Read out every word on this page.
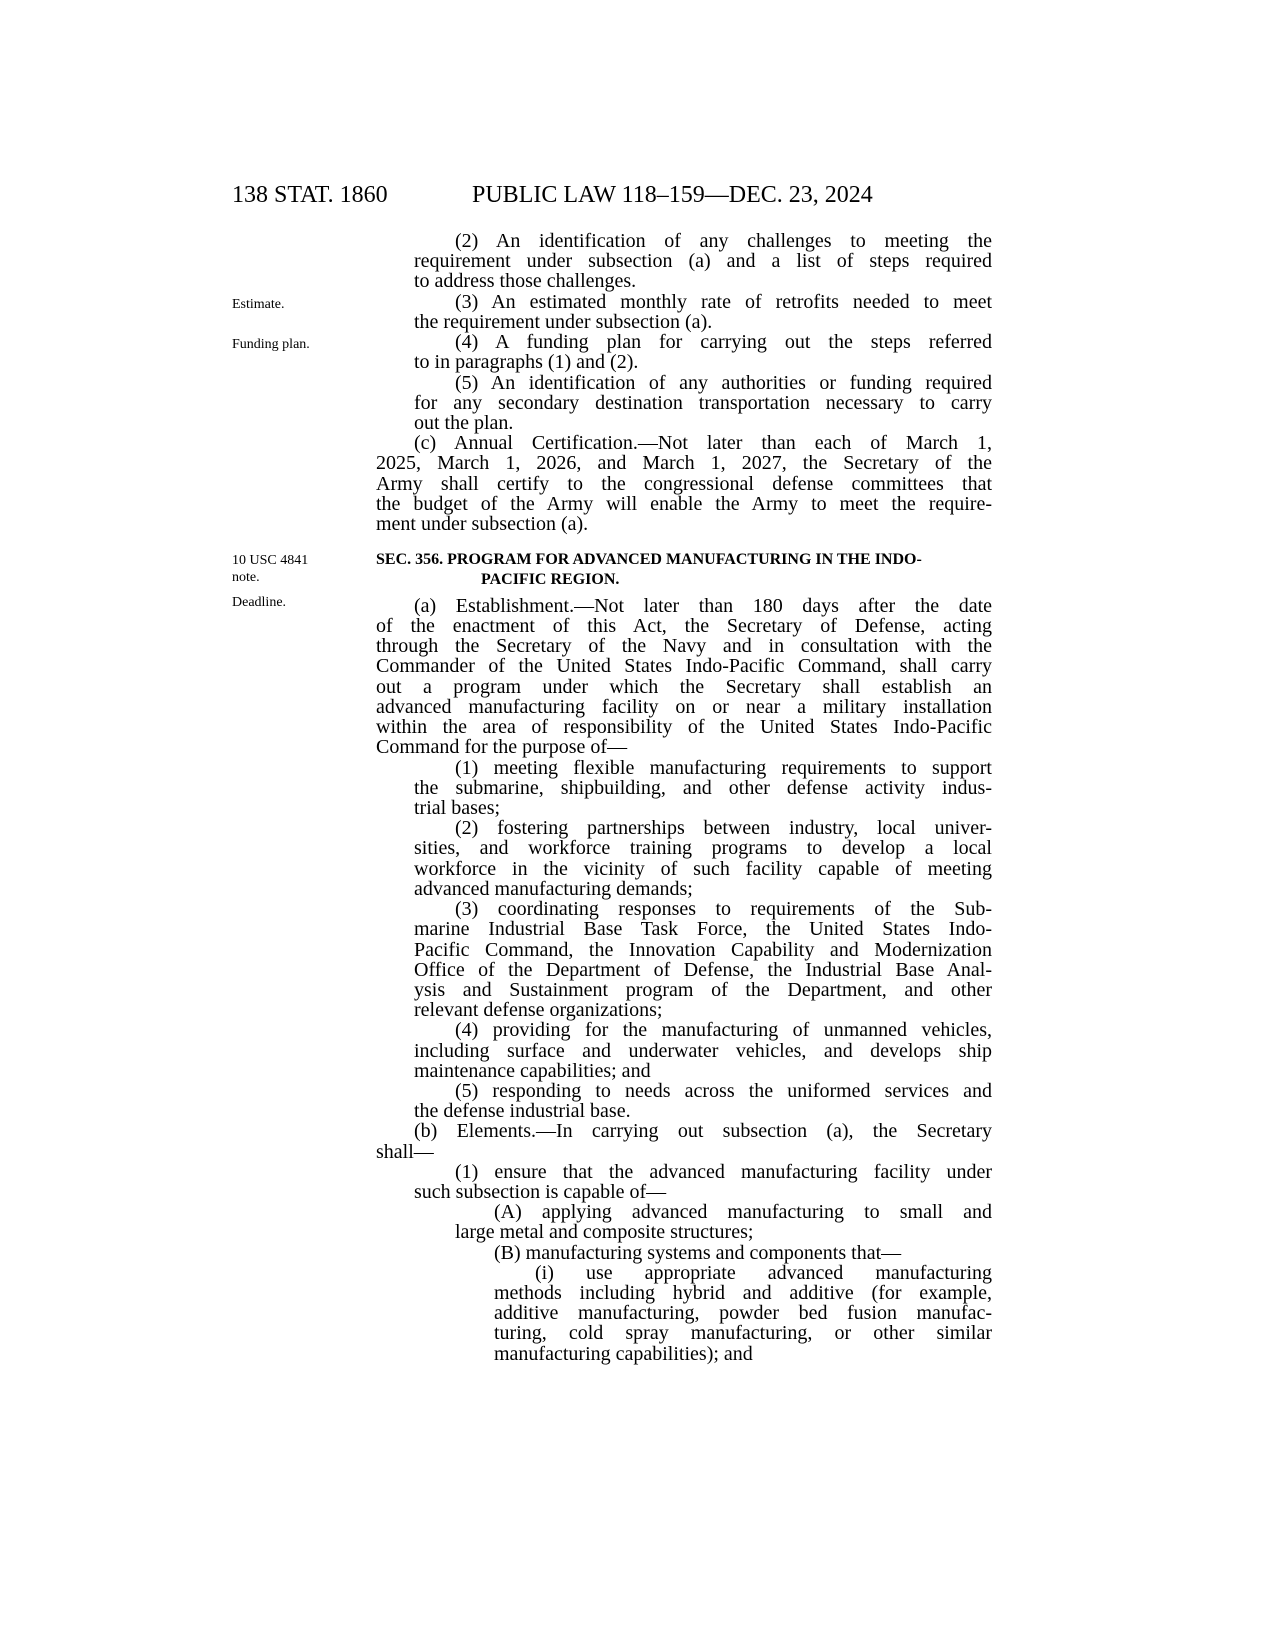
138 STAT. 1860	PUBLIC LAW 118–159—DEC. 23, 2024
Estimate.
Funding plan.
10 USC 4841
note.
Deadline.
SEC. 356. PROGRAM FOR ADVANCED MANUFACTURING IN THE INDO-
PACIFIC REGION.
(2) An identification of any challenges to meeting the
requirement under subsection (a) and a list of steps required
to address those challenges.
(3) An estimated monthly rate of retrofits needed to meet
the requirement under subsection (a).
(4) A funding plan for carrying out the steps referred
to in paragraphs (1) and (2).
(5) An identification of any authorities or funding required
for any secondary destination transportation necessary to carry
out the plan.
(c) Annual Certification.—Not later than each of March 1,
2025, March 1, 2026, and March 1, 2027, the Secretary of the
Army shall certify to the congressional defense committees that
the budget of the Army will enable the Army to meet the require-
ment under subsection (a).
(a) Establishment.—Not later than 180 days after the date
of the enactment of this Act, the Secretary of Defense, acting
through the Secretary of the Navy and in consultation with the
Commander of the United States Indo-Pacific Command, shall carry
out a program under which the Secretary shall establish an
advanced manufacturing facility on or near a military installation
within the area of responsibility of the United States Indo-Pacific
Command for the purpose of—
(1) meeting flexible manufacturing requirements to support
the submarine, shipbuilding, and other defense activity indus-
trial bases;
(2) fostering partnerships between industry, local univer-
sities, and workforce training programs to develop a local
workforce in the vicinity of such facility capable of meeting
advanced manufacturing demands;
(3) coordinating responses to requirements of the Sub-
marine Industrial Base Task Force, the United States Indo-
Pacific Command, the Innovation Capability and Modernization
Office of the Department of Defense, the Industrial Base Anal-
ysis and Sustainment program of the Department, and other
relevant defense organizations;
(4) providing for the manufacturing of unmanned vehicles,
including surface and underwater vehicles, and develops ship
maintenance capabilities; and
(5) responding to needs across the uniformed services and
the defense industrial base.
(b) Elements.—In carrying out subsection (a), the Secretary
shall—
(1) ensure that the advanced manufacturing facility under
such subsection is capable of—
(A) applying advanced manufacturing to small and
large metal and composite structures;
(B) manufacturing systems and components that—
(i) use appropriate advanced manufacturing
methods including hybrid and additive (for example,
additive manufacturing, powder bed fusion manufac-
turing, cold spray manufacturing, or other similar
manufacturing capabilities); and
